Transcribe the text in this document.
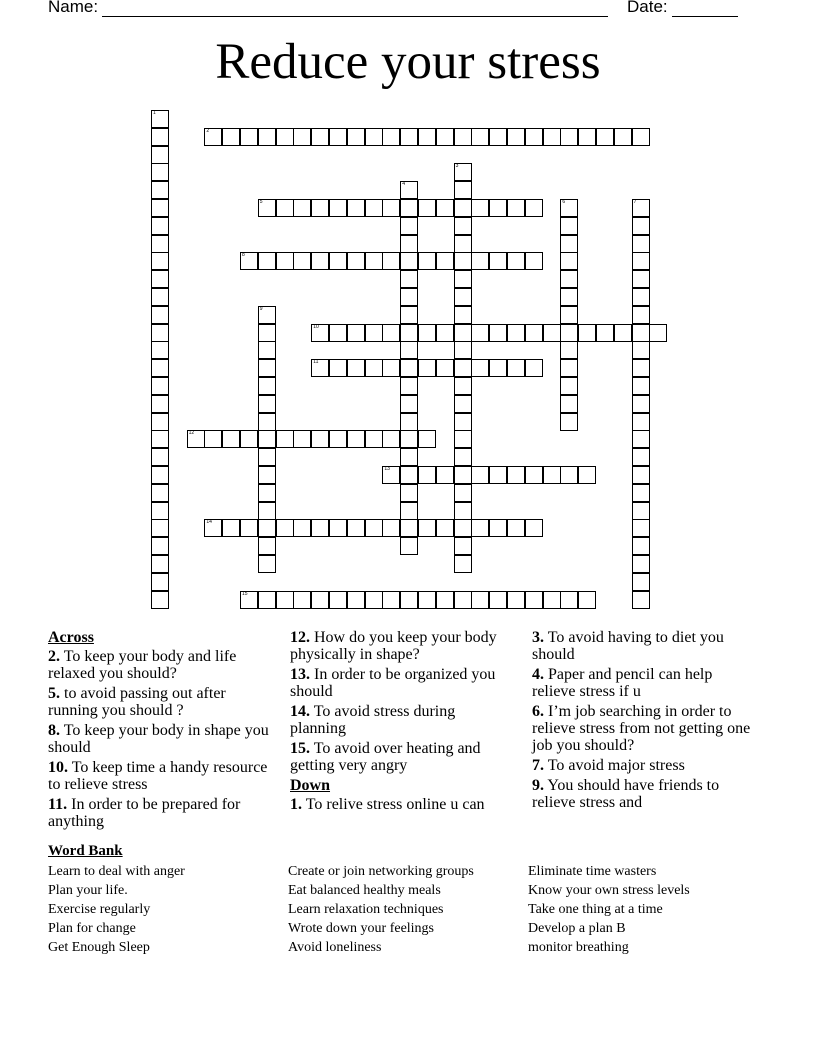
Name:	Date:
Reduce your stress
1
2
3
4
5	6	7
8
9
10
11
12
13
14
15
Across
2. To keep your body and life relaxed you should?
5. to avoid passing out after running you should ?
8. To keep your body in shape you should
10. To keep time a handy resource to relieve stress
11. In order to be prepared for anything
12. How do you keep your body physically in shape?
13. In order to be organized you should
14. To avoid stress during planning
15. To avoid over heating and getting very angry
Down
1. To relive stress online u can
3. To avoid having to diet you should
4. Paper and pencil can help relieve stress if u
6. I’m job searching in order to relieve stress from not getting one job you should?
7. To avoid major stress
9. You should have friends to relieve stress and
Word Bank
Learn to deal with anger
Plan your life.
Exercise regularly
Plan for change
Get Enough Sleep
Create or join networking groups
Eat balanced healthy meals
Learn relaxation techniques
Wrote down your feelings
Avoid loneliness
Eliminate time wasters
Know your own stress levels
Take one thing at a time
Develop a plan B
monitor breathing
